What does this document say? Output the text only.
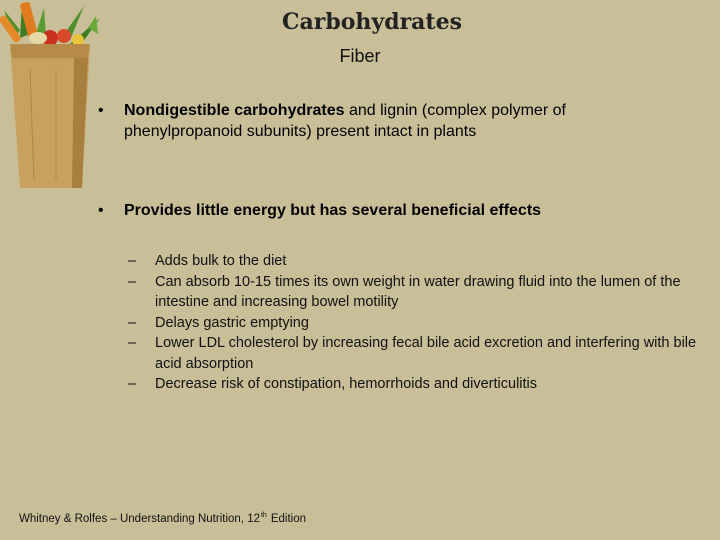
Carbohydrates
Fiber
• Nondigestible carbohydrates and lignin (complex polymer of phenylpropanoid subunits) present intact in plants
• Provides little energy but has several beneficial effects
– Adds bulk to the diet
– Can absorb 10-15 times its own weight in water drawing fluid into the lumen of the intestine and increasing bowel motility
– Delays gastric emptying
– Lower LDL cholesterol by increasing fecal bile acid excretion and interfering with bile acid absorption
– Decrease risk of constipation, hemorrhoids and diverticulitis
Whitney & Rolfes – Understanding Nutrition, 12th Edition
